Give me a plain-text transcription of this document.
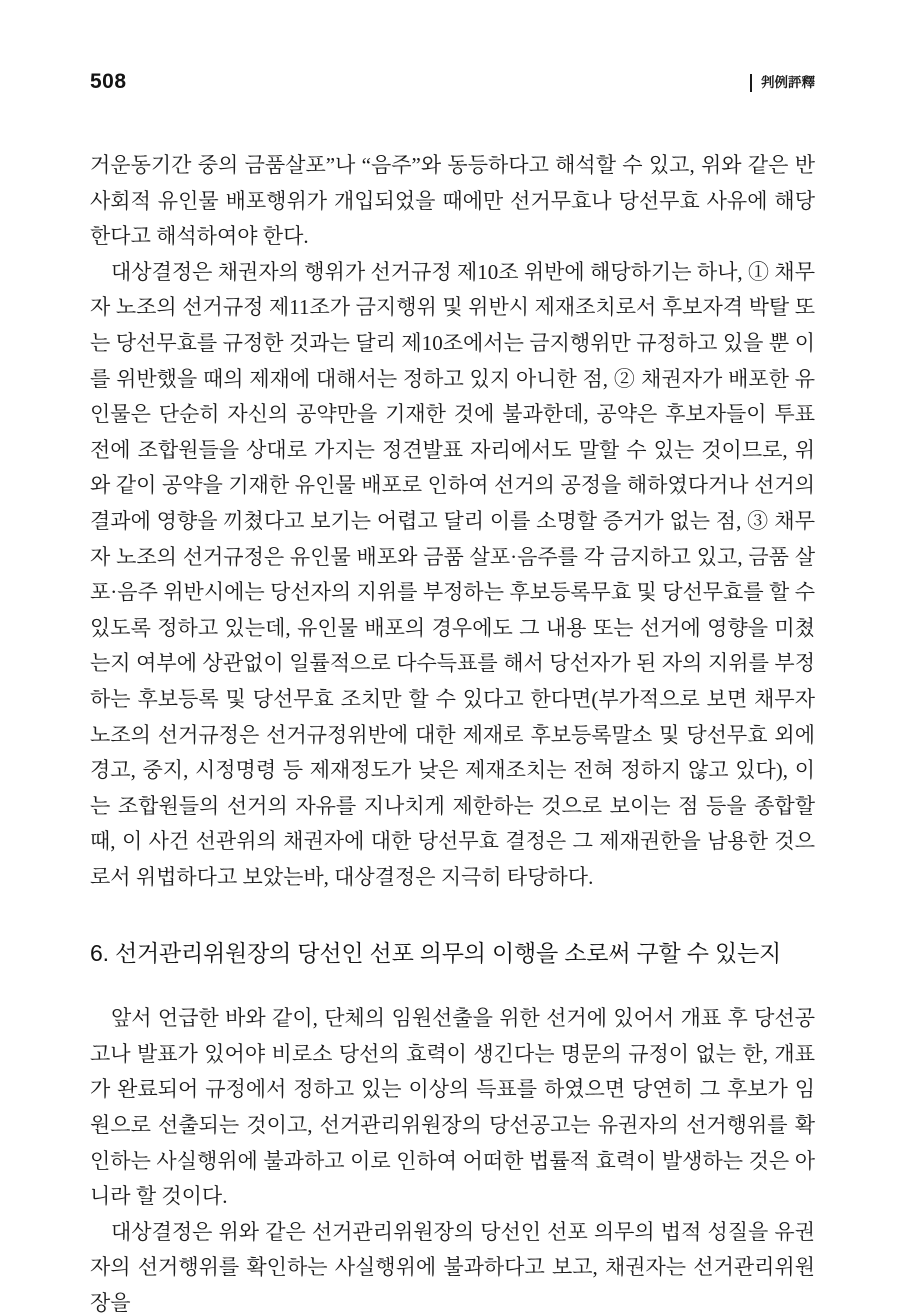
508	判例評釋

거운동기간 중의 금품살포”나 “음주”와 동등하다고 해석할 수 있고, 위와 같은 반사회적 유인물 배포행위가 개입되었을 때에만 선거무효나 당선무효 사유에 해당한다고 해석하여야 한다.

대상결정은 채권자의 행위가 선거규정 제10조 위반에 해당하기는 하나, ① 채무자 노조의 선거규정 제11조가 금지행위 및 위반시 제재조치로서 후보자격 박탈 또는 당선무효를 규정한 것과는 달리 제10조에서는 금지행위만 규정하고 있을 뿐 이를 위반했을 때의 제재에 대해서는 정하고 있지 아니한 점, ② 채권자가 배포한 유인물은 단순히 자신의 공약만을 기재한 것에 불과한데, 공약은 후보자들이 투표 전에 조합원들을 상대로 가지는 정견발표 자리에서도 말할 수 있는 것이므로, 위와 같이 공약을 기재한 유인물 배포로 인하여 선거의 공정을 해하였다거나 선거의 결과에 영향을 끼쳤다고 보기는 어렵고 달리 이를 소명할 증거가 없는 점, ③ 채무자 노조의 선거규정은 유인물 배포와 금품 살포·음주를 각 금지하고 있고, 금품 살포·음주 위반시에는 당선자의 지위를 부정하는 후보등록무효 및 당선무효를 할 수 있도록 정하고 있는데, 유인물 배포의 경우에도 그 내용 또는 선거에 영향을 미쳤는지 여부에 상관없이 일률적으로 다수득표를 해서 당선자가 된 자의 지위를 부정하는 후보등록 및 당선무효 조치만 할 수 있다고 한다면(부가적으로 보면 채무자 노조의 선거규정은 선거규정위반에 대한 제재로 후보등록말소 및 당선무효 외에 경고, 중지, 시정명령 등 제재정도가 낮은 제재조치는 전혀 정하지 않고 있다), 이는 조합원들의 선거의 자유를 지나치게 제한하는 것으로 보이는 점 등을 종합할 때, 이 사건 선관위의 채권자에 대한 당선무효 결정은 그 제재권한을 남용한 것으로서 위법하다고 보았는바, 대상결정은 지극히 타당하다.

6. 선거관리위원장의 당선인 선포 의무의 이행을 소로써 구할 수 있는지

앞서 언급한 바와 같이, 단체의 임원선출을 위한 선거에 있어서 개표 후 당선공고나 발표가 있어야 비로소 당선의 효력이 생긴다는 명문의 규정이 없는 한, 개표가 완료되어 규정에서 정하고 있는 이상의 득표를 하였으면 당연히 그 후보가 임원으로 선출되는 것이고, 선거관리위원장의 당선공고는 유권자의 선거행위를 확인하는 사실행위에 불과하고 이로 인하여 어떠한 법률적 효력이 발생하는 것은 아니라 할 것이다.

대상결정은 위와 같은 선거관리위원장의 당선인 선포 의무의 법적 성질을 유권자의 선거행위를 확인하는 사실행위에 불과하다고 보고, 채권자는 선거관리위원장을
